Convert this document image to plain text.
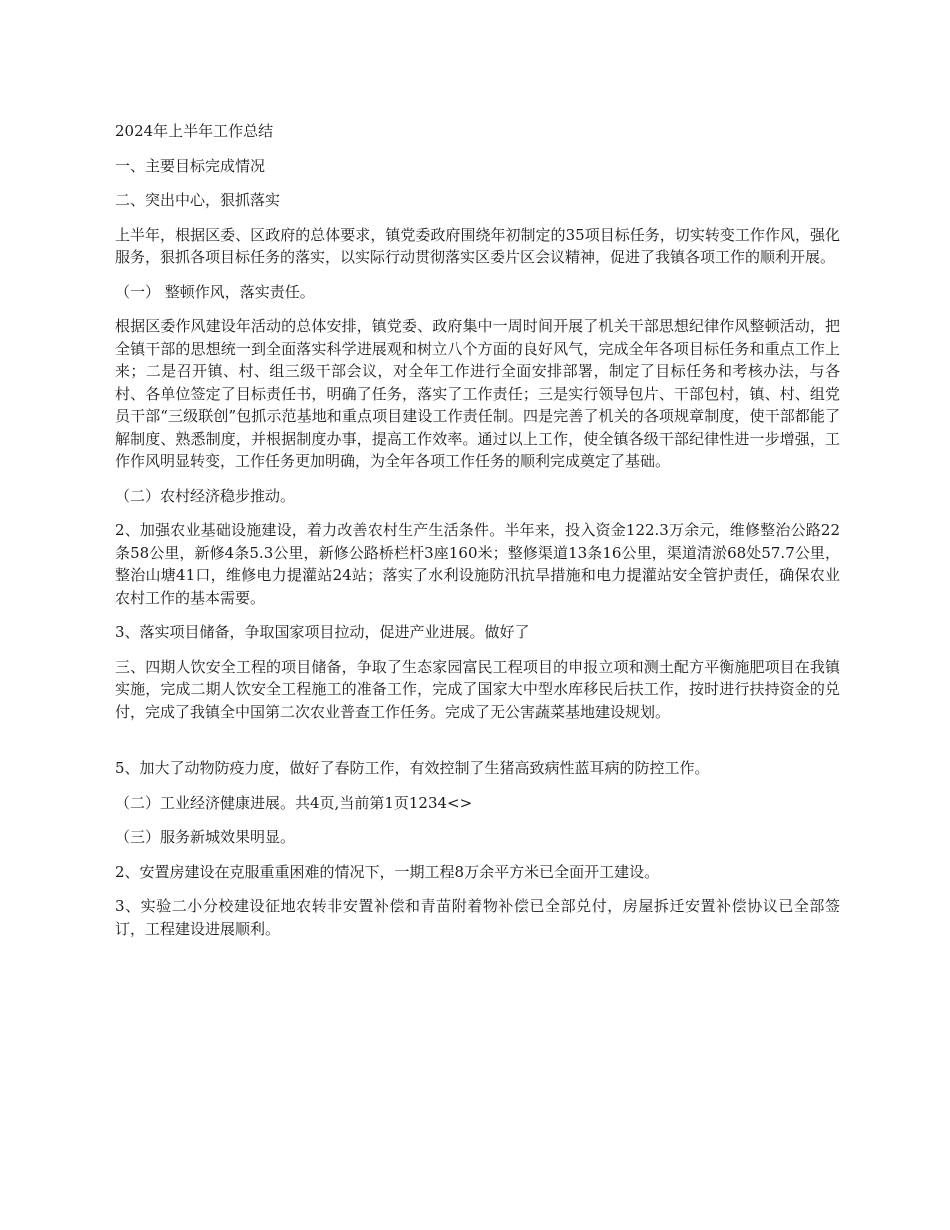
2024年上半年工作总结

一、主要目标完成情况

二、突出中心，狠抓落实

上半年，根据区委、区政府的总体要求，镇党委政府围绕年初制定的35项目标任务，切实转变工作作风，强化服务，狠抓各项目标任务的落实，以实际行动贯彻落实区委片区会议精神，促进了我镇各项工作的顺利开展。

（一） 整顿作风，落实责任。

根据区委作风建设年活动的总体安排，镇党委、政府集中一周时间开展了机关干部思想纪律作风整顿活动，把全镇干部的思想统一到全面落实科学进展观和树立八个方面的良好风气，完成全年各项目标任务和重点工作上来；二是召开镇、村、组三级干部会议，对全年工作进行全面安排部署，制定了目标任务和考核办法，与各村、各单位签定了目标责任书，明确了任务，落实了工作责任；三是实行领导包片、干部包村，镇、村、组党员干部“三级联创”包抓示范基地和重点项目建设工作责任制。四是完善了机关的各项规章制度，使干部都能了解制度、熟悉制度，并根据制度办事，提高工作效率。通过以上工作，使全镇各级干部纪律性进一步增强，工作作风明显转变，工作任务更加明确，为全年各项工作任务的顺利完成奠定了基础。

（二）农村经济稳步推动。

2、加强农业基础设施建设，着力改善农村生产生活条件。半年来，投入资金122.3万余元，维修整治公路22条58公里，新修4条5.3公里，新修公路桥栏杆3座160米；整修渠道13条16公里，渠道清淤68处57.7公里，整治山塘41口，维修电力提灌站24站；落实了水利设施防汛抗旱措施和电力提灌站安全管护责任，确保农业农村工作的基本需要。

3、落实项目储备，争取国家项目拉动，促进产业进展。做好了

三、四期人饮安全工程的项目储备，争取了生态家园富民工程项目的申报立项和测土配方平衡施肥项目在我镇实施，完成二期人饮安全工程施工的准备工作，完成了国家大中型水库移民后扶工作，按时进行扶持资金的兑付，完成了我镇全中国第二次农业普查工作任务。完成了无公害蔬菜基地建设规划。

5、加大了动物防疫力度，做好了春防工作，有效控制了生猪高致病性蓝耳病的防控工作。

（二）工业经济健康进展。共4页,当前第1页1234<>

（三）服务新城效果明显。

2、安置房建设在克服重重困难的情况下，一期工程8万余平方米已全面开工建设。

3、实验二小分校建设征地农转非安置补偿和青苗附着物补偿已全部兑付，房屋拆迁安置补偿协议已全部签订，工程建设进展顺利。
